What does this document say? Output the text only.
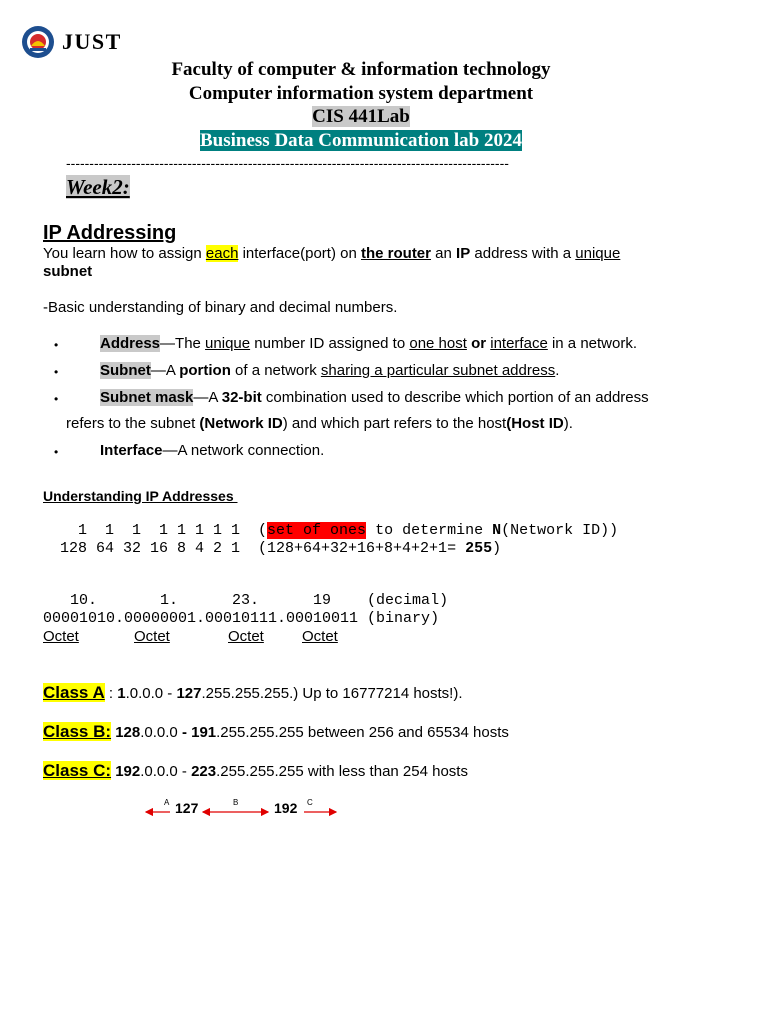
JUST
Faculty of computer & information technology
Computer information system department
CIS 441Lab
Business Data Communication lab 2024
-----------------------------------------------------------------------------------------------
Week2:
IP Addressing
You learn how to assign each interface(port) on the router an IP address with a unique
subnet
-Basic understanding of binary and decimal numbers.
•	Address—The unique number ID assigned to one host or interface in a network.
•	Subnet—A portion of a network sharing a particular subnet address.
•	Subnet mask—A 32-bit combination used to describe which portion of an address
refers to the subnet (Network ID) and which part refers to the host(Host ID).
•	Interface—A network connection.
Understanding IP Addresses
1  1  1  1 1 1 1 1  (set of ones to determine N(Network ID))
128 64 32 16 8 4 2 1  (128+64+32+16+8+4+2+1= 255)
10.       1.      23.      19    (decimal)
00001010.00000001.00010111.00010011 (binary)
Octet	Octet	Octet	Octet
Class A : 1.0.0.0 - 127.255.255.255.) Up to 16777214 hosts!).
Class B: 128.0.0.0 - 191.255.255.255 between 256 and 65534 hosts
Class C: 192.0.0.0 - 223.255.255.255 with less than 254 hosts
A 127	B	192 C
